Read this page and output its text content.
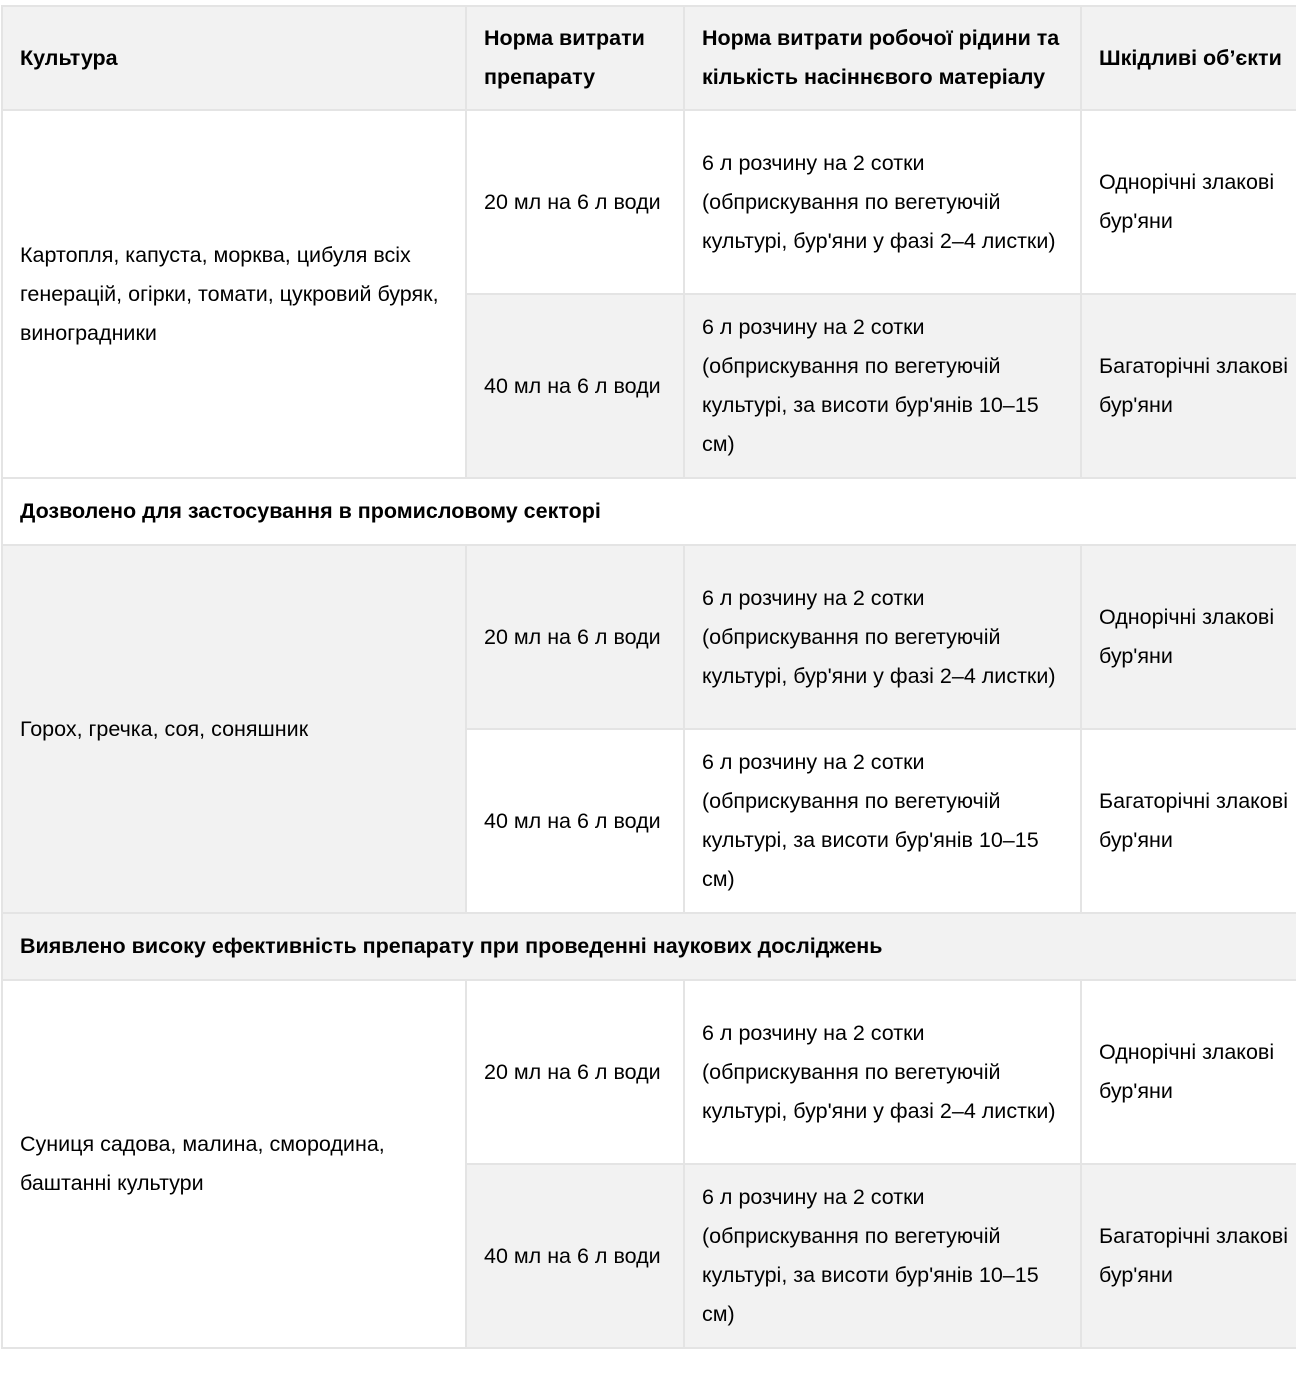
Культура	Норма витрати препарату	Норма витрати робочої рідини та кількість насіннєвого матеріалу	Шкідливі об’єкти
Картопля, капуста, морква, цибуля всіх генерацій, огірки, томати, цукровий буряк, виноградники	20 мл на 6 л води	6 л розчину на 2 сотки (обприскування по вегетуючій культурі, бур'яни у фазі 2–4 листки)	Однорічні злакові бур'яни
	40 мл на 6 л води	6 л розчину на 2 сотки (обприскування по вегетуючій культурі, за висоти бур'янів 10–15 см)	Багаторічні злакові бур'яни
Дозволено для застосування в промисловому секторі			
Горох, гречка, соя, соняшник	20 мл на 6 л води	6 л розчину на 2 сотки (обприскування по вегетуючій культурі, бур'яни у фазі 2–4 листки)	Однорічні злакові бур'яни
	40 мл на 6 л води	6 л розчину на 2 сотки (обприскування по вегетуючій культурі, за висоти бур'янів 10–15 см)	Багаторічні злакові бур'яни
Виявлено високу ефективність препарату при проведенні наукових досліджень			
Суниця садова, малина, смородина, баштанні культури	20 мл на 6 л води	6 л розчину на 2 сотки (обприскування по вегетуючій культурі, бур'яни у фазі 2–4 листки)	Однорічні злакові бур'яни
	40 мл на 6 л води	6 л розчину на 2 сотки (обприскування по вегетуючій культурі, за висоти бур'янів 10–15 см)	Багаторічні злакові бур'яни
